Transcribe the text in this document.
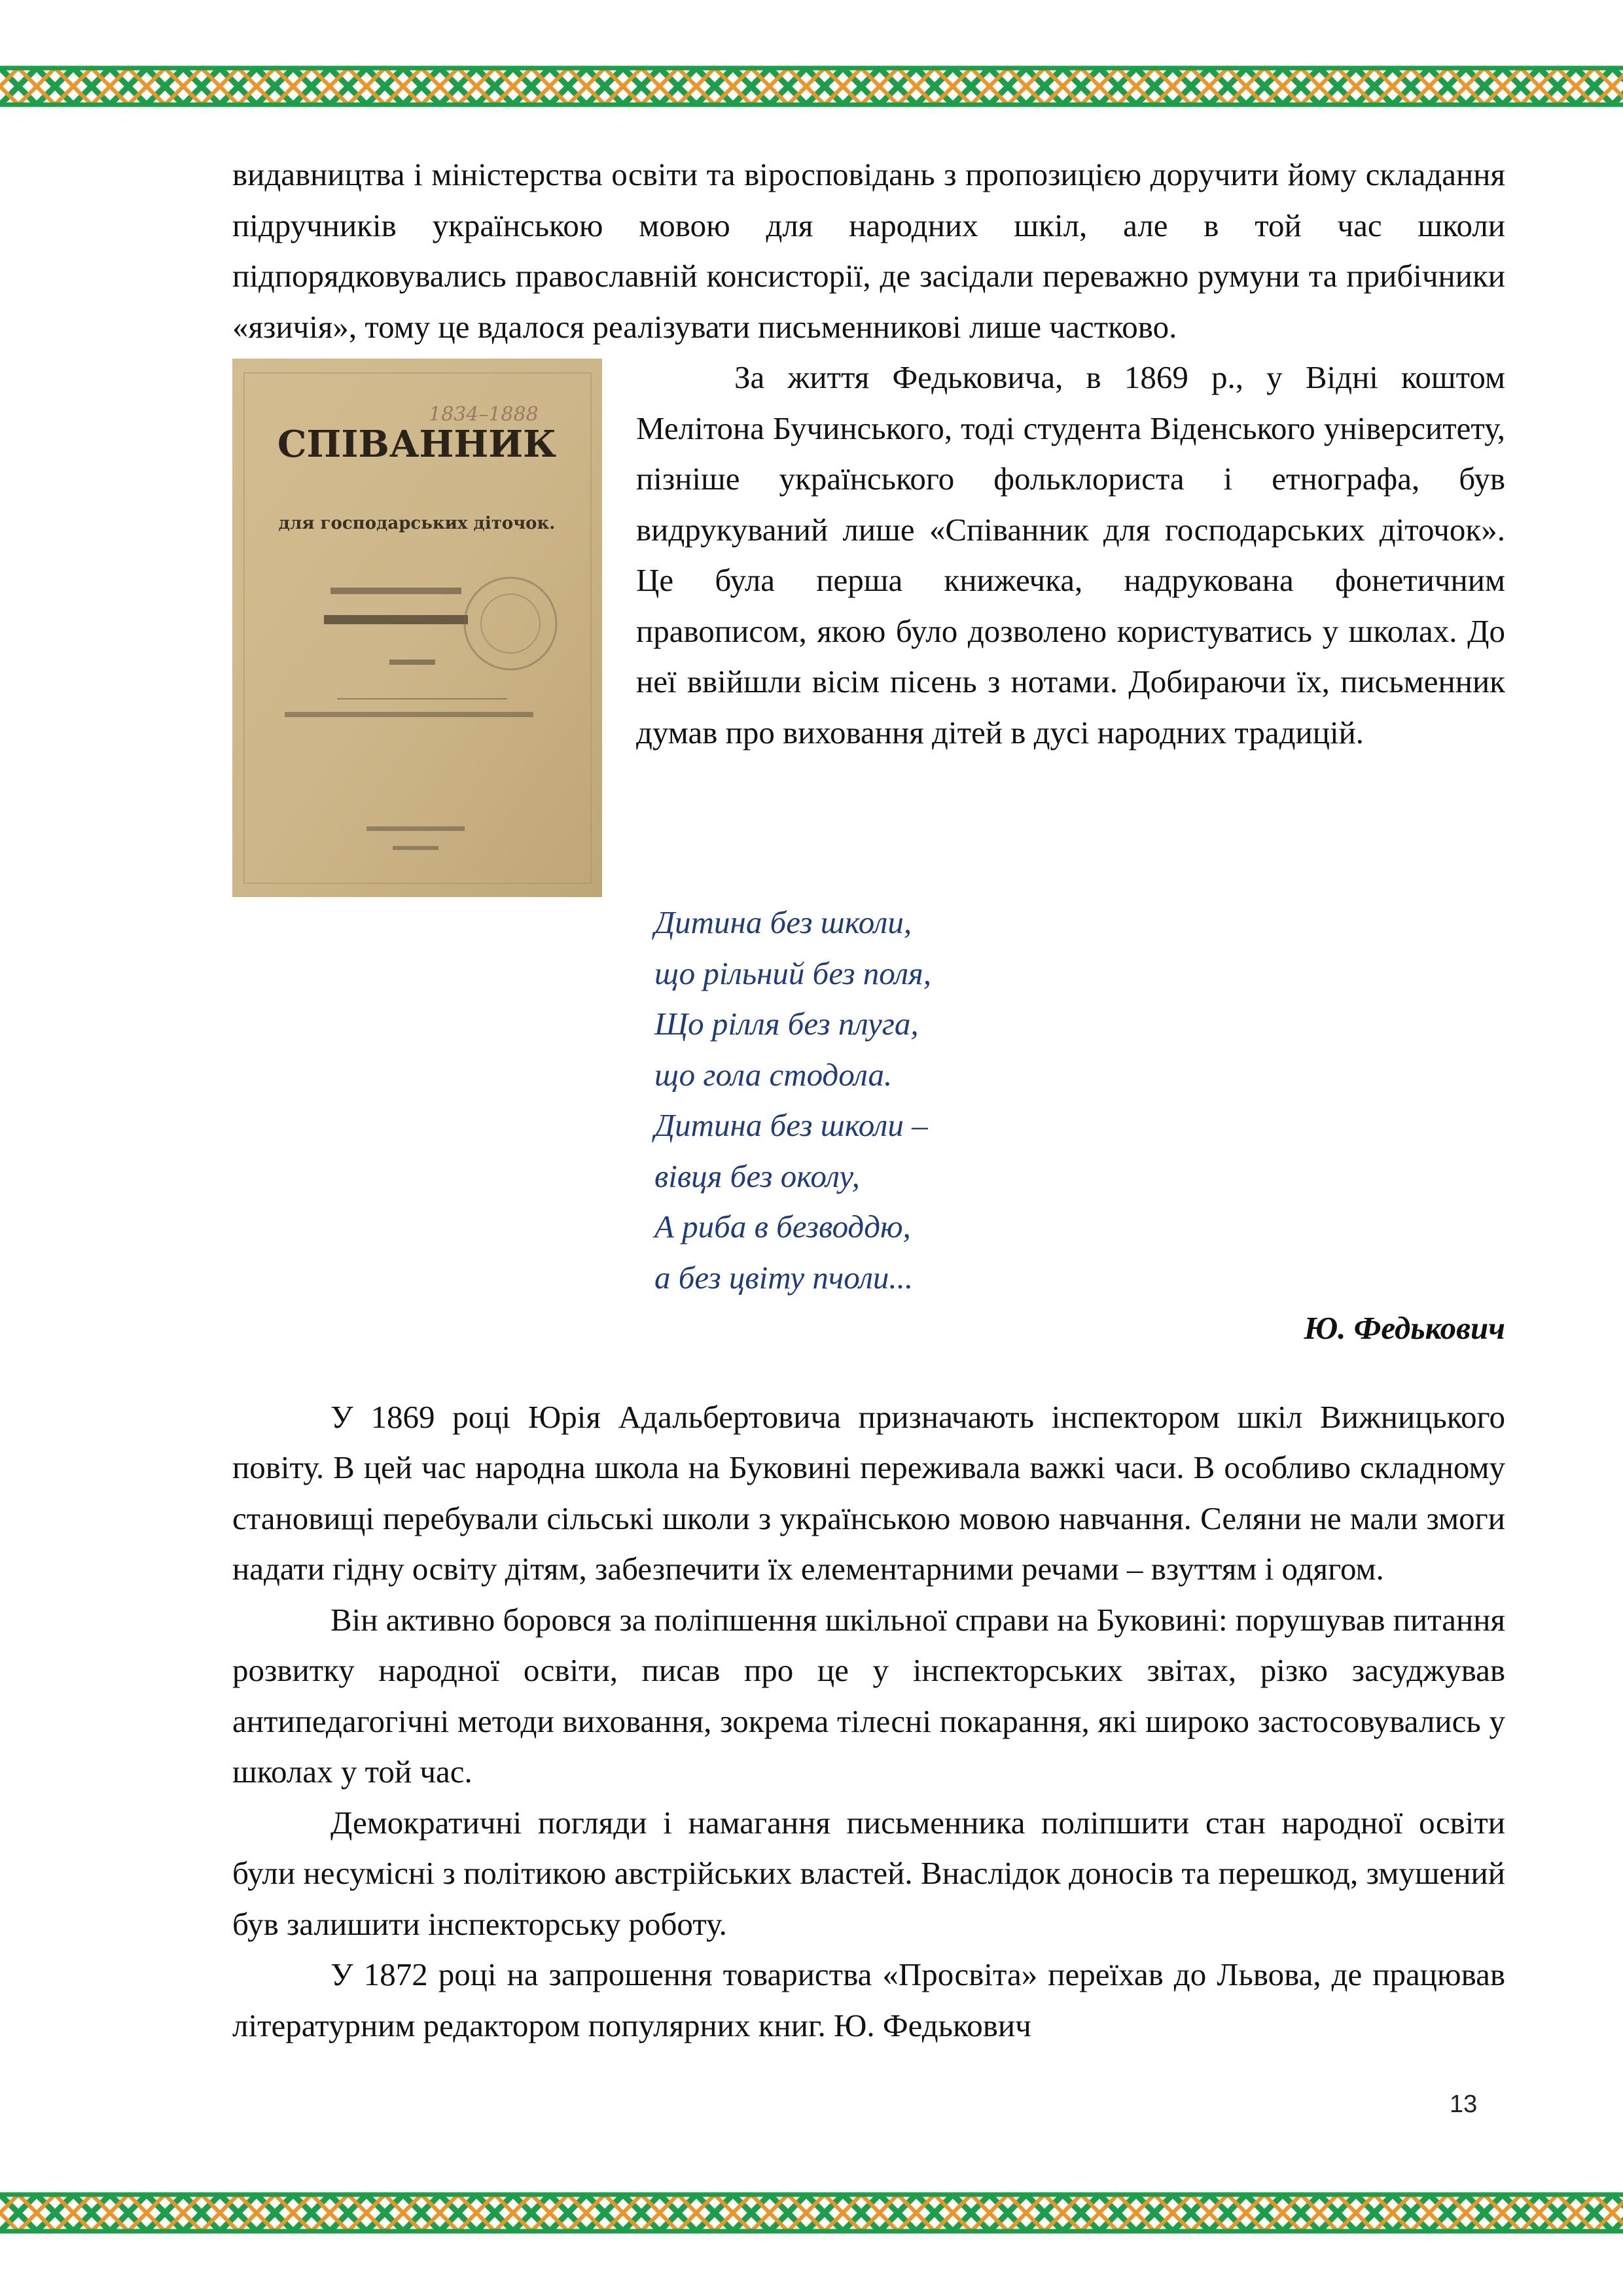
видавництва і міністерства освіти та віросповідань з пропозицією доручити йому складання підручників українською мовою для народних шкіл, але в той час школи підпорядковувались православній консисторії, де засідали переважно румуни та прибічники «язичія», тому це вдалося реалізувати письменникові лише частково.

1834–1888
СПІВАННИК
для господарських діточок.

За життя Федьковича, в 1869 р., у Відні коштом Мелітона Бучинського, тоді студента Віденського університету, пізніше українського фольклориста і етнографа, був видрукуваний лише «Співанник для господарських діточок». Це була перша книжечка, надрукована фонетичним правописом, якою було дозволено користуватись у школах. До неї ввійшли вісім пісень з нотами. Добираючи їх, письменник думав про виховання дітей в дусі народних традицій.

Дитина без школи,
що рільний без поля,
Що рілля без плуга,
що гола стодола.
Дитина без школи –
вівця без околу,
А риба в безводдю,
а без цвіту пчоли...

Ю. Федькович

У 1869 році Юрія Адальбертовича призначають інспектором шкіл Вижницького повіту. В цей час народна школа на Буковині переживала важкі часи. В особливо складному становищі перебували сільські школи з українською мовою навчання. Селяни не мали змоги надати гідну освіту дітям, забезпечити їх елементарними речами – взуттям і одягом.

Він активно боровся за поліпшення шкільної справи на Буковині: порушував питання розвитку народної освіти, писав про це у інспекторських звітах, різко засуджував антипедагогічні методи виховання, зокрема тілесні покарання, які широко застосовувались у школах у той час.

Демократичні погляди і намагання письменника поліпшити стан народної освіти були несумісні з політикою австрійських властей. Внаслідок доносів та перешкод, змушений був залишити інспекторську роботу.

У 1872 році на запрошення товариства «Просвіта» переїхав до Львова, де працював літературним редактором популярних книг. Ю. Федькович

13
